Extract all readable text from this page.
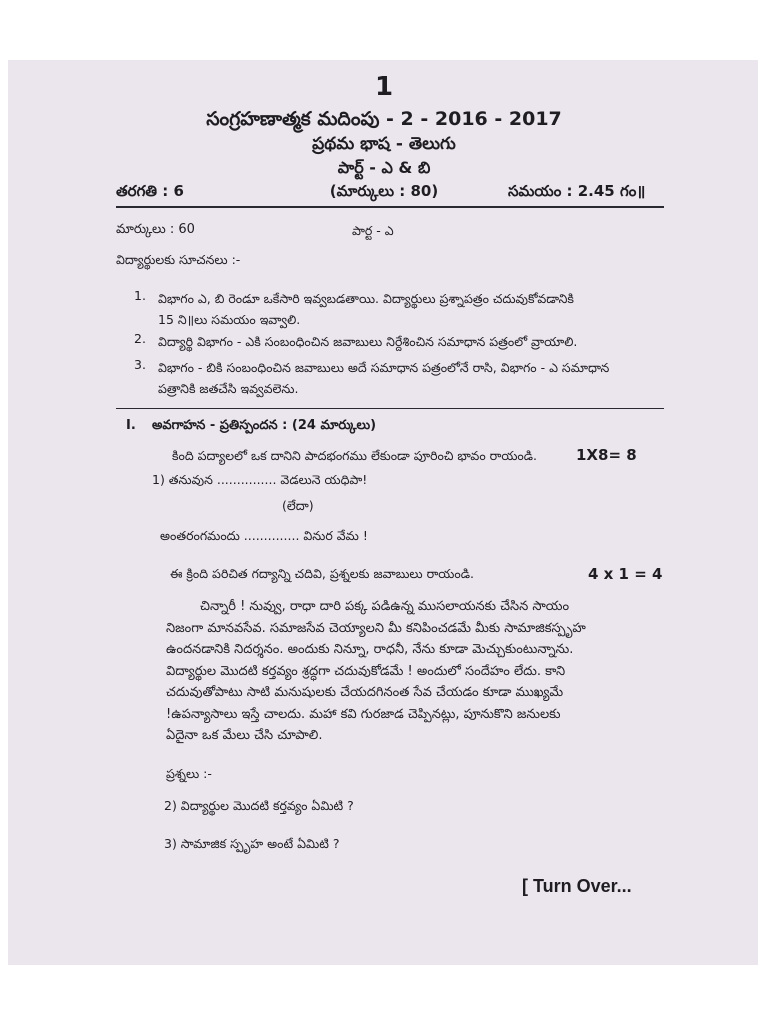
1
సంగ్రహణాత్మక మదింపు - 2 - 2016 - 2017
ప్రథమ భాష - తెలుగు
పార్ట్ - ఎ & బి
తరగతి : 6	(మార్కులు : 80)	సమయం : 2.45 గం॥
మార్కులు : 60	పార్ట - ఎ
విద్యార్థులకు సూచనలు :-
1. విభాగం ఎ, బి రెండూ ఒకేసారి ఇవ్వబడతాయి. విద్యార్థులు ప్రశ్నాపత్రం చదువుకోవడానికి
15 ని॥లు సమయం ఇవ్వాలి.
2. విద్యార్థి విభాగం - ఎకి సంబంధించిన జవాబులు నిర్దేశించిన సమాధాన పత్రంలో వ్రాయాలి.
3. విభాగం - బికి సంబంధించిన జవాబులు అదే సమాధాన పత్రంలోనే రాసి, విభాగం - ఎ సమాధాన
పత్రానికి జతచేసి ఇవ్వవలెను.
I. అవగాహన - ప్రతిస్పందన : (24 మార్కులు)
కింది పద్యాలలో ఒక దానిని పాదభంగము లేకుండా పూరించి భావం రాయండి.	1X8= 8
1) తనువున ............... వెడలునె యధిపా!
(లేదా)
అంతరంగమందు .............. వినుర వేమ !
ఈ క్రింది పరిచిత గద్యాన్ని చదివి, ప్రశ్నలకు జవాబులు రాయండి.	4 x 1 = 4

చిన్నారీ ! నువ్వు, రాధా దారి పక్క పడిఉన్న ముసలాయనకు చేసిన సాయం

నిజంగా మానవసేవ. సమాజసేవ చెయ్యాలని మీ కనిపించడమే మీకు సామాజికస్పృహ

ఉందనడానికి నిదర్శనం. అందుకు నిన్నూ, రాధనీ, నేను కూడా మెచ్చుకుంటున్నాను.

విద్యార్థుల మొదటి కర్తవ్యం శ్రద్ధగా చదువుకోడమే ! అందులో సందేహం లేదు. కాని

చదువుతోపాటు సాటి మనుషులకు చేయదగినంత సేవ చేయడం కూడా ముఖ్యమే

!ఉపన్యాసాలు ఇస్తే చాలదు. మహా కవి గురజాడ చెప్పినట్లు, పూనుకొని జనులకు

ఏదైనా ఒక మేలు చేసి చూపాలి.

ప్రశ్నలు :-
2) విద్యార్థుల మొదటి కర్తవ్యం ఏమిటి ?
3) సామాజిక స్పృహ అంటే ఏమిటి ?
[ Turn Over...
